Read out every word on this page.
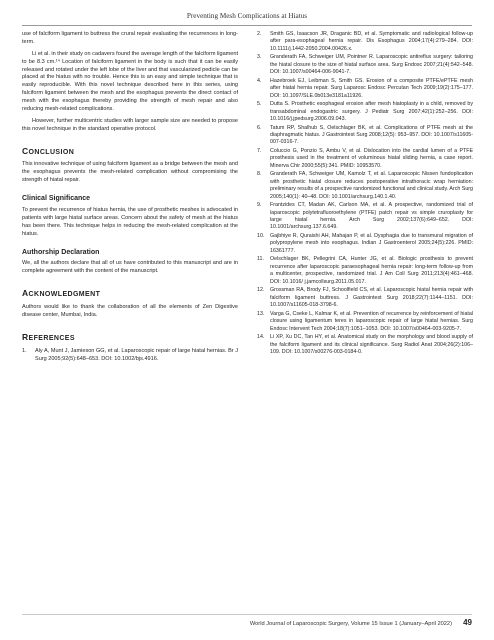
Preventing Mesh Complications at Hiatus

use of falciform ligament to buttress the crural repair evaluating the recurrences in long-term.

Li et al. in their study on cadavers found the average length of the falciform ligament to be 8.3 cm.¹⁴ Location of falciform ligament in the body is such that it can be easily released and rotated under the left lobe of the liver and that vascularized pedicle can be placed at the hiatus with no trouble. Hence this is an easy and simple technique that is easily reproducible. With this novel technique described here in this series, using falciform ligament between the mesh and the esophagus prevents the direct contact of mesh with the esophagus thereby providing the strength of mesh repair and also reducing mesh-related complications.

However, further multicentric studies with larger sample size are needed to propose this novel technique in the standard operative protocol.

CONCLUSION

This innovative technique of using falciform ligament as a bridge between the mesh and the esophagus prevents the mesh-related complication without compromising the strength of hiatal repair.

Clinical Significance

To prevent the recurrence of hiatus hernia, the use of prosthetic meshes is advocated in patients with large hiatal surface areas. Concern about the safety of mesh at the hiatus has been there. This technique helps in reducing the mesh-related complication at the hiatus.

Authorship Declaration

We, all the authors declare that all of us have contributed to this manuscript and are in complete agreement with the content of the manuscript.

ACKNOWLEDGMENT

Authors would like to thank the collaboration of all the elements of Zen Digestive disease center, Mumbai, India.

REFERENCES
1. Aly A, Munt J, Jamieson GG, et al. Laparoscopic repair of large hiatal hernias. Br J Surg 2005;92(5):648–653. DOI: 10.1002/bjs.4916.
2. Smith GS, Isaacson JR, Draganic BD, et al. Symptomatic and radiological follow-up after para-esophageal hernia repair. Dis Esophagus 2004;17(4):279–284. DOI: 10.1111/j.1442-2050.2004.00426.x.
3. Granderath FA, Schweiger UM, Pointner R. Laparoscopic antireflux surgery: tailoring the hiatal closure to the size of hiatal surface area. Surg Endosc 2007;21(4):542–548. DOI: 10.1007/s00464-006-9041-7.
4. Hazebroek EJ, Leibman S, Smith GS. Erosion of a composite PTFE/ePTFE mesh after hiatal hernia repair. Surg Laparosc Endosc Percutan Tech 2009;19(2):175–177. DOI: 10.1097/SLE.0b013e3181a11926.
5. Dutta S. Prosthetic esophageal erosion after mesh hiatoplasty in a child, removed by transabdominal endogastric surgery. J Pediatr Surg 2007;42(1):252–256. DOI: 10.1016/j.jpedsurg.2006.09.043.
6. Tatum RP, Shalhub S, Oelschlager BK, et al. Complications of PTFE mesh at the diaphragmatic hiatus. J Gastrointest Surg 2008;12(5): 953–957. DOI: 10.1007/s11605-007-0316-7.
7. Coluccio G, Ponzio S, Ambu V, et al. Dislocation into the cardial lumen of a PTFE prosthesis used in the treatment of voluminous hiatal sliding hernia, a case report. Minerva Chir 2000;55(5):341. PMID: 10953570.
8. Granderath FA, Schweiger UM, Kamolz T, et al. Laparoscopic Nissen fundoplication with prosthetic hiatal closure reduces postoperative intrathoracic wrap herniation: preliminary results of a prospective randomized functional and clinical study. Arch Surg 2005;140(1): 40–48. DOI: 10.1001/archsurg.140.1.40.
9. Frantzides CT, Madan AK, Carlson MA, et al. A prospective, randomized trial of laparoscopic polytetrafluoroethylene (PTFE) patch repair vs simple cruroplasty for large hiatal hernia. Arch Surg 2002;137(6):649–652. DOI: 10.1001/archsurg.137.6.649.
10. Gajbhiye R, Quraishi AH, Mahajan P, et al. Dysphagia due to transmural migration of polypropylene mesh into esophagus. Indian J Gastroenterol 2005;24(5):226. PMID: 16361777.
11. Oelschlager BK, Pellegrini CA, Hunter JG, et al. Biologic prosthesis to prevent recurrence after laparoscopic paraesophageal hernia repair: long-term follow-up from a multicenter, prospective, randomized trial. J Am Coll Surg 2011;213(4):461–468. DOI: 10.1016/ j.jamcollsurg.2011.05.017.
12. Grossman RA, Brody FJ, Schoolfield CS, et al. Laparoscopic hiatal hernia repair with falciform ligament buttress. J Gastrointest Surg 2018;22(7):1144–1151. DOI: 10.1007/s11605-018-3798-6.
13. Varga G, Cseke L, Kalmar K, et al. Prevention of recurrence by reinforcement of hiatal closure using ligamentum teres in laparoscopic repair of large hiatal hernias. Surg Endosc Intervent Tech 2004;18(7):1051–1053. DOI: 10.1007/s00464-003-9205-7.
14. Li XP, Xu DC, Tan HY, et al. Anatomical study on the morphology and blood supply of the falciform ligament and its clinical significance. Surg Radiol Anat 2004;26(2):106–109. DOI: 10.1007/s00276-003-0184-0.
World Journal of Laparoscopic Surgery, Volume 15 Issue 1 (January–April 2022) 49
